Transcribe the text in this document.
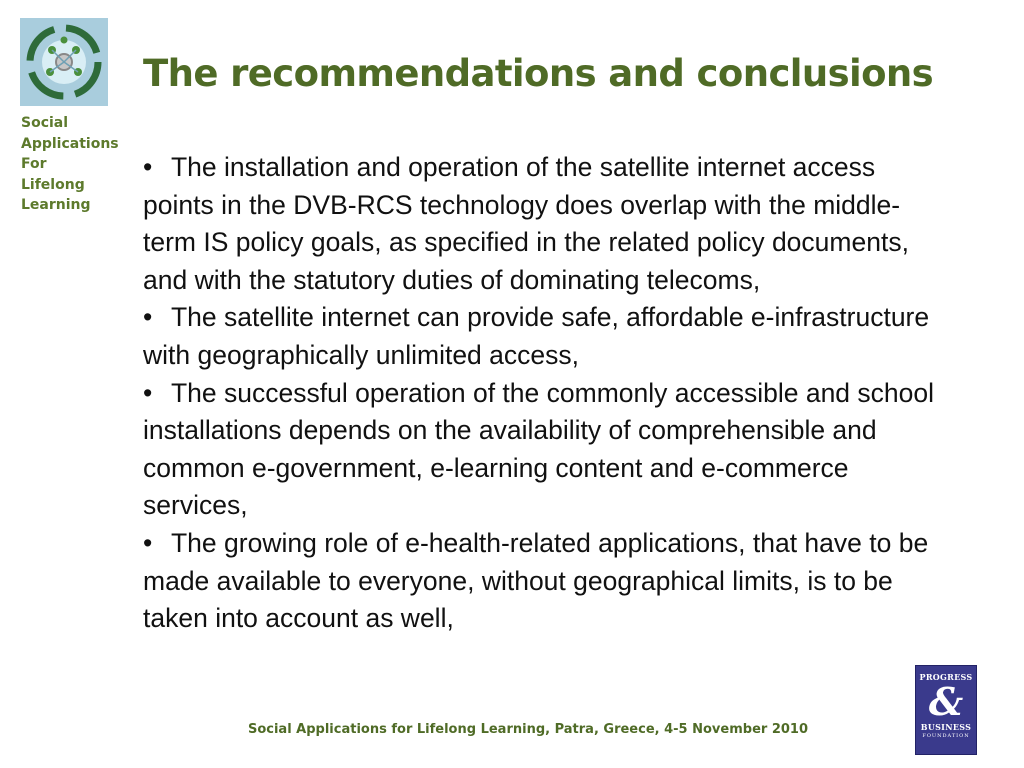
Social
Applications
For
Lifelong
Learning
The recommendations and conclusions

• The installation and operation of the satellite internet access points in the DVB-RCS technology does overlap with the middle-term IS policy goals, as specified in the related policy documents, and with the statutory duties of dominating telecoms,

• The satellite internet can provide safe, affordable e-infrastructure with geographically unlimited access,

• The successful operation of the commonly accessible and school installations depends on the availability of comprehensible and common e-government, e-learning content and e-commerce services,

• The growing role of e-health-related applications, that have to be made available to everyone, without geographical limits, is to be taken into account as well,

Social Applications for Lifelong Learning, Patra, Greece, 4-5 November 2010
PROGRESS
&
BUSINESS
FOUNDATION
